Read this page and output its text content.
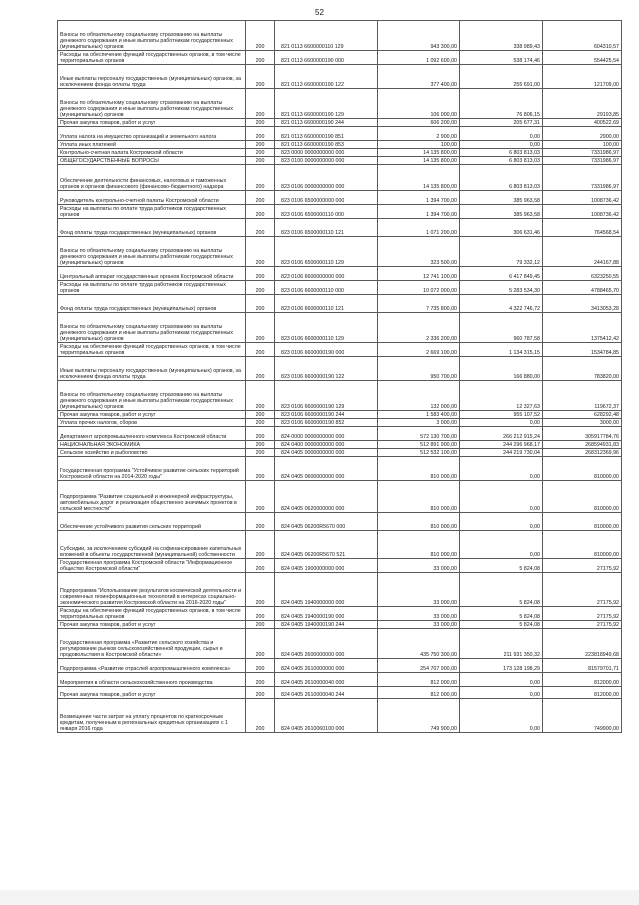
52
Взносы по обязательному социальному страхованию на выплаты денежного содержания и иные выплаты работникам государственных (муниципальных) органов	200	821 0113 6600000110 129	943 300,00	338 989,43	604310,57
Расходы на обеспечение функций государственных органов, в том числе территориальных органов	200	821 0113 6600000190 000	1 092 600,00	538 174,46	554425,54
Иные выплаты персоналу государственных (муниципальных) органов, за исключением фонда оплаты труда	200	821 0113 6600000190 122	377 400,00	255 691,00	121709,00
Взносы по обязательному социальному страхованию на выплаты денежного содержания и иные выплаты работникам государственных (муниципальных) органов	200	821 0113 6600000190 129	106 000,00	76 806,15	29193,85
Прочая закупка товаров, работ и услуг	200	821 0113 6600000190 244	606 200,00	205 677,31	400522,69
Уплата налога на имущество организаций и земельного налога	200	821 0113 6600000190 851	2 900,00	0,00	2900,00
Уплата иных платежей	200	821 0113 6600000190 853	100,00	0,00	100,00
Контрольно-счетная палата Костромской области	200	823 0000 0000000000 000	14 135 800,00	6 803 813,03	7331986,97
ОБЩЕГОСУДАРСТВЕННЫЕ ВОПРОСЫ	200	823 0100 0000000000 000	14 135 800,00	6 803 813,03	7331986,97
Обеспечение деятельности финансовых, налоговых и таможенных органов и органов финансового (финансово-бюджетного) надзора	200	823 0106 0000000000 000	14 135 800,00	6 803 813,03	7331986,97
Руководитель контрольно-счетной палаты Костромской области	200	823 0106 6500000000 000	1 394 700,00	385 963,58	1008736,42
Расходы на выплаты по оплате труда работников государственных органов	200	823 0106 6500000110 000	1 394 700,00	385 963,58	1008736,42
Фонд оплаты труда государственных (муниципальных) органов	200	823 0106 6500000110 121	1 071 200,00	306 631,46	764568,54
Взносы по обязательному социальному страхованию на выплаты денежного содержания и иные выплаты работникам государственных (муниципальных) органов	200	823 0106 6500000110 129	323 500,00	79 332,12	244167,88
Центральный аппарат государственных органов Костромской области	200	823 0106 6600000000 000	12 741 100,00	6 417 849,45	6323250,55
Расходы на выплаты по оплате труда работников государственных органов	200	823 0106 6600000110 000	10 072 000,00	5 283 534,30	4788465,70
Фонд оплаты труда государственных (муниципальных) органов	200	823 0106 6600000110 121	7 735 800,00	4 322 746,72	3413053,28
Взносы по обязательному социальному страхованию на выплаты денежного содержания и иные выплаты работникам государственных (муниципальных) органов	200	823 0106 6600000110 129	2 336 200,00	960 787,58	1375412,42
Расходы на обеспечение функций государственных органов, в том числе территориальных органов	200	823 0106 6600000190 000	2 669 100,00	1 134 315,15	1534784,85
Иные выплаты персоналу государственных (муниципальных) органов, за исключением фонда оплаты труда	200	823 0106 6600000190 122	950 700,00	166 880,00	783820,00
Взносы по обязательному социальному страхованию на выплаты денежного содержания и иные выплаты работникам государственных (муниципальных) органов	200	823 0106 6600000190 129	132 000,00	12 327,63	119672,37
Прочая закупка товаров, работ и услуг	200	823 0106 6600000190 244	1 583 400,00	955 107,52	628292,48
Уплата прочих налогов, сборов	200	823 0106 6600000190 852	3 000,00	0,00	3000,00
Департамент агропромышленного комплекса Костромской области	200	824 0000 0000000000 000	572 130 700,00	266 212 915,24	305917784,76
НАЦИОНАЛЬНАЯ ЭКОНОМИКА	200	824 0400 0000000000 000	512 891 900,00	244 296 968,17	268594931,83
Сельское хозяйство и рыболовство	200	824 0405 0000000000 000	512 532 100,00	244 219 730,04	268312369,96
Государственная программа "Устойчивое развитие сельских территорий Костромской области на 2014-2020 годы"	200	824 0405 0600000000 000	810 000,00	0,00	810000,00
Подпрограмма "Развитие социальной и инженерной инфраструктуры, автомобильных дорог и реализация общественно значимых проектов в сельской местности"	200	824 0405 0620000000 000	810 000,00	0,00	810000,00
Обеспечение устойчивого развития сельских территорий	200	824 0405 06200R5670 000	810 000,00	0,00	810000,00
Субсидии, за исключением субсидий на софинансирование капитальных вложений в объекты государственной (муниципальной) собственности	200	824 0405 06200R5670 521	810 000,00	0,00	810000,00
Государственная программа Костромской области "Информационное общество Костромской области"	200	824 0405 1900000000 000	33 000,00	5 824,08	27175,92
Подпрограмма "Использование результатов космической деятельности и современных геоинформационных технологий в интересах социально-экономического развития Костромской области на 2016-2020 годы"	200	824 0405 1940000000 000	33 000,00	5 824,08	27175,92
Расходы на обеспечение функций государственных органов, в том числе территориальных органов	200	824 0405 1940000190 000	33 000,00	5 824,08	27175,92
Прочая закупка товаров, работ и услуг	200	824 0405 1940000190 244	33 000,00	5 824,08	27175,92
Государственная программа «Развитие сельского хозяйства и регулирование рынков сельскохозяйственной продукции, сырья и продовольствия в Костромской области»	200	824 0405 2600000000 000	435 750 300,00	211 931 350,32	223818949,68
Подпрограмма «Развитие отраслей агропромышленного комплекса»	200	824 0405 2610000000 000	254 707 900,00	173 128 198,29	81579701,71
Мероприятия в области сельскохозяйственного производства	200	824 0405 2610000040 000	812 000,00	0,00	812000,00
Прочая закупка товаров, работ и услуг	200	824 0405 2610000040 244	812 000,00	0,00	812000,00
Возмещение части затрат на уплату процентов по краткосрочным кредитам, полученным в региональных кредитных организациях с 1 января 2016 года	200	824 0405 2610060100 000	749 900,00	0,00	749900,00
